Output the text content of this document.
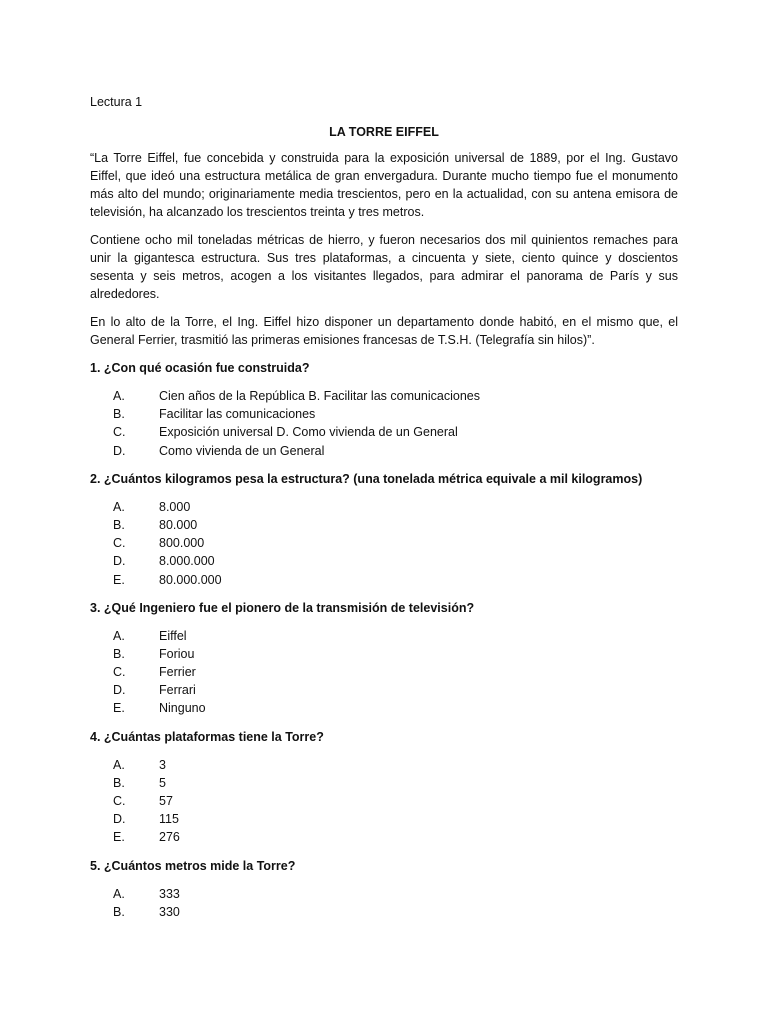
Lectura 1
LA TORRE EIFFEL

“La Torre Eiffel, fue concebida y construida para la exposición universal de 1889, por el Ing. Gustavo Eiffel, que ideó una estructura metálica de gran envergadura. Durante mucho tiempo fue el monumento más alto del mundo; originariamente media trescientos, pero en la actualidad, con su antena emisora de televisión, ha alcanzado los trescientos treinta y tres metros.

Contiene ocho mil toneladas métricas de hierro, y fueron necesarios dos mil quinientos remaches para unir la gigantesca estructura. Sus tres plataformas, a cincuenta y siete, ciento quince y doscientos sesenta y seis metros, acogen a los visitantes llegados, para admirar el panorama de París y sus alrededores.

En lo alto de la Torre, el Ing. Eiffel hizo disponer un departamento donde habitó, en el mismo que, el General Ferrier, trasmitió las primeras emisiones francesas de T.S.H. (Telegrafía sin hilos)”.

1. ¿Con qué ocasión fue construida?
A.	Cien años de la República B. Facilitar las comunicaciones
B.	Facilitar las comunicaciones
C.	Exposición universal D. Como vivienda de un General
D.	Como vivienda de un General
2. ¿Cuántos kilogramos pesa la estructura? (una tonelada métrica equivale a mil kilogramos)
A.	8.000
B.	80.000
C.	800.000
D.	8.000.000
E.	80.000.000
3. ¿Qué Ingeniero fue el pionero de la transmisión de televisión?
A.	Eiffel
B.	Foriou
C.	Ferrier
D.	Ferrari
E.	Ninguno
4. ¿Cuántas plataformas tiene la Torre?
A.	3
B.	5
C.	57
D.	115
E.	276
5. ¿Cuántos metros mide la Torre?
A.	333
B.	330
